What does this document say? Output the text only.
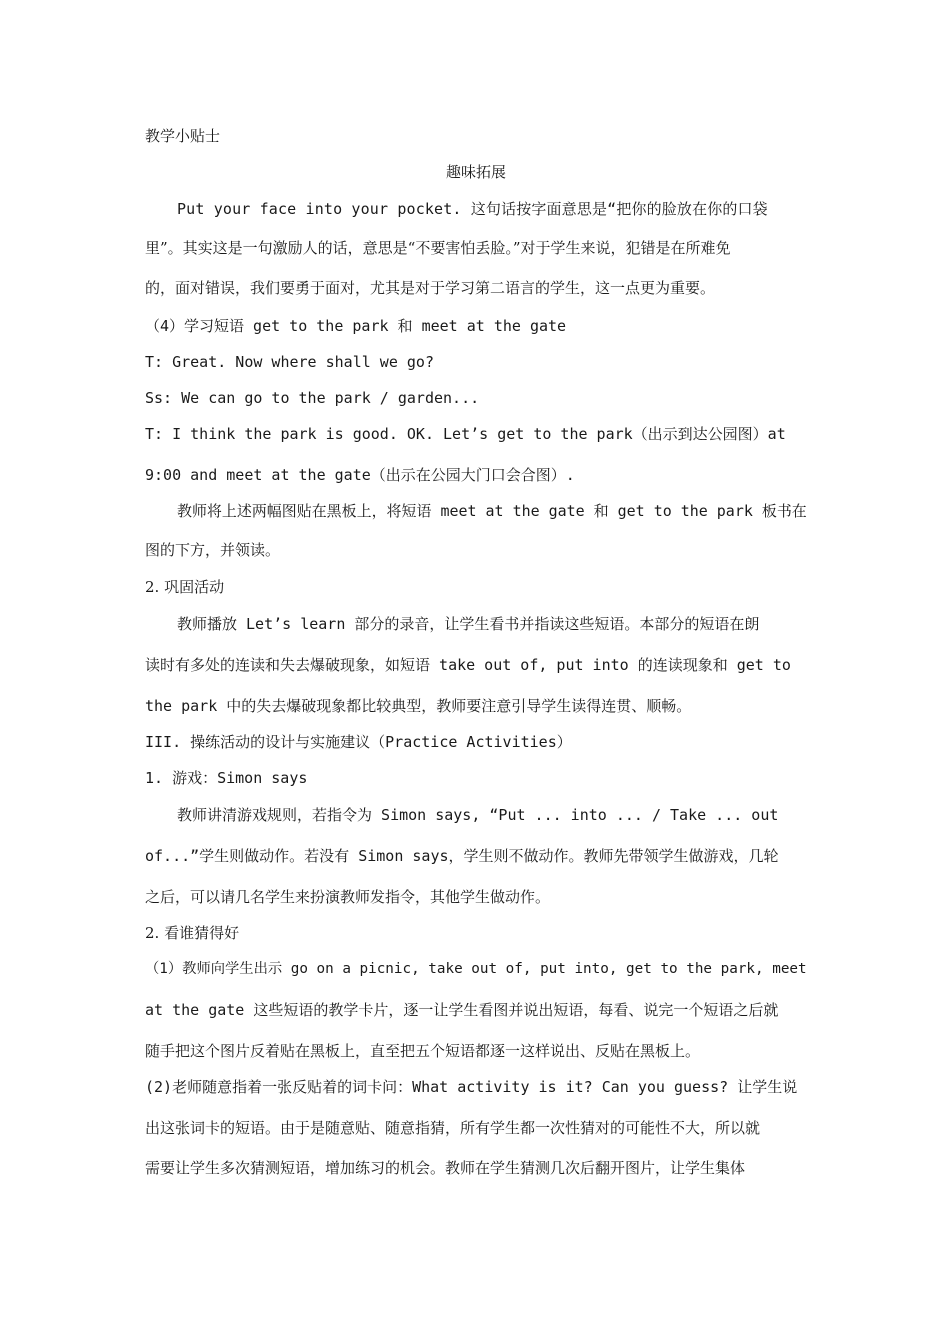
教学小贴士
趣味拓展
Put your face into your pocket. 这句话按字面意思是“把你的脸放在你的口袋
里”。其实这是一句激励人的话，意思是“不要害怕丢脸。”对于学生来说，犯错是在所难免
的，面对错误，我们要勇于面对，尤其是对于学习第二语言的学生，这一点更为重要。
（4）学习短语 get to the park 和 meet at the gate
T: Great. Now where shall we go?
Ss: We can go to the park / garden...
T: I think the park is good. OK. Let’s get to the park（出示到达公园图）at
9:00 and meet at the gate（出示在公园大门口会合图）.
教师将上述两幅图贴在黑板上，将短语 meet at the gate 和 get to the park 板书在
图的下方，并领读。
2. 巩固活动
教师播放 Let’s learn 部分的录音，让学生看书并指读这些短语。本部分的短语在朗
读时有多处的连读和失去爆破现象，如短语 take out of, put into 的连读现象和 get to
the park 中的失去爆破现象都比较典型，教师要注意引导学生读得连贯、顺畅。
III. 操练活动的设计与实施建议（Practice Activities）
1. 游戏：Simon says
教师讲清游戏规则，若指令为 Simon says, “Put ... into ... / Take ... out
of...”学生则做动作。若没有 Simon says，学生则不做动作。教师先带领学生做游戏，几轮
之后，可以请几名学生来扮演教师发指令，其他学生做动作。
2. 看谁猜得好
（1）教师向学生出示 go on a picnic, take out of, put into, get to the park, meet
at the gate 这些短语的教学卡片，逐一让学生看图并说出短语，每看、说完一个短语之后就
随手把这个图片反着贴在黑板上，直至把五个短语都逐一这样说出、反贴在黑板上。
(2)老师随意指着一张反贴着的词卡问：What activity is it? Can you guess? 让学生说
出这张词卡的短语。由于是随意贴、随意指猜，所有学生都一次性猜对的可能性不大，所以就
需要让学生多次猜测短语，增加练习的机会。教师在学生猜测几次后翻开图片，让学生集体
